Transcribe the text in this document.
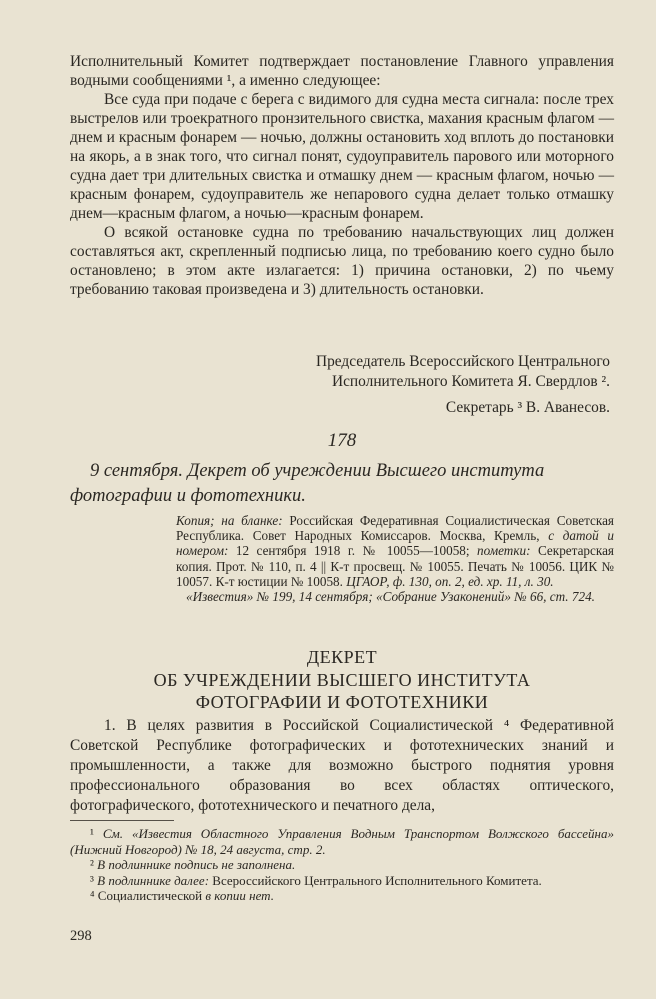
Исполнительный Комитет подтверждает постановление Главного управления водными сообщениями ¹, а именно следующее:

Все суда при подаче с берега с видимого для судна места сигнала: после трех выстрелов или троекратного пронзительного свистка, махания красным флагом — днем и красным фонарем — ночью, должны остановить ход вплоть до постановки на якорь, а в знак того, что сигнал понят, судоуправитель парового или моторного судна дает три длительных свистка и отмашку днем — красным флагом, ночью — красным фонарем, судоуправитель же непарового судна делает только отмашку днем—красным флагом, а ночью—красным фонарем.

О всякой остановке судна по требованию начальствующих лиц должен составляться акт, скрепленный подписью лица, по требованию коего судно было остановлено; в этом акте излагается: 1) причина остановки, 2) по чьему требованию таковая произведена и 3) длительность остановки.

Председатель Всероссийского Центрального

Исполнительного Комитета Я. Свердлов ².

Секретарь ³ В. Аванесов.

178

9 сентября. Декрет об учреждении Высшего института фотографии и фототехники.

Копия; на бланке: Российская Федеративная Социалистическая Советская Республика. Совет Народных Комиссаров. Москва, Кремль, с датой и номером: 12 сентября 1918 г. № 10055—10058; пометки: Секретарская копия. Прот. № 110, п. 4 || К-т просвещ. № 10055. Печать № 10056. ЦИК № 10057. К-т юстиции № 10058. ЦГАОР, ф. 130, оп. 2, ед. хр. 11, л. 30.

«Известия» № 199, 14 сентября; «Собрание Узаконений» № 66, ст. 724.

ДЕКРЕТ

ОБ УЧРЕЖДЕНИИ ВЫСШЕГО ИНСТИТУТА

ФОТОГРАФИИ И ФОТОТЕХНИКИ

1. В целях развития в Российской Социалистической ⁴ Федеративной Советской Республике фотографических и фототехнических знаний и промышленности, а также для возможно быстрого поднятия уровня профессионального образования во всех областях оптического, фотографического, фототехнического и печатного дела,

¹ См. «Известия Областного Управления Водным Транспортом Волжского бассейна» (Нижний Новгород) № 18, 24 августа, стр. 2.

² В подлиннике подпись не заполнена.

³ В подлиннике далее: Всероссийского Центрального Исполнительного Комитета.

⁴ Социалистической в копии нет.

298
